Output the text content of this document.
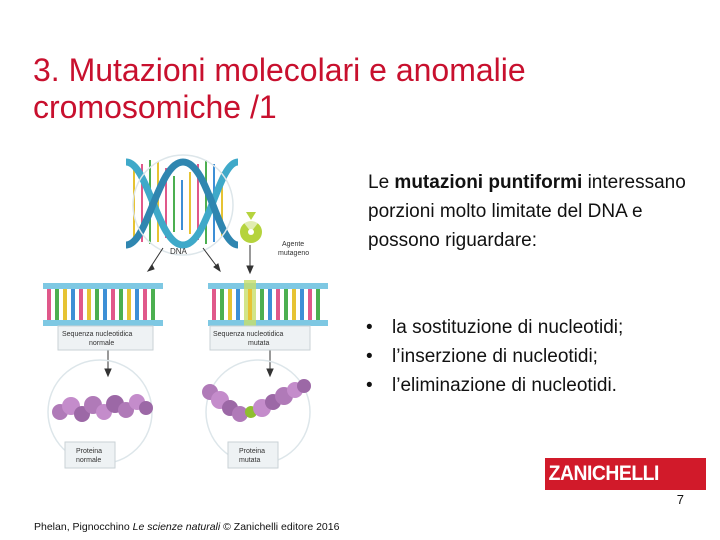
3. Mutazioni molecolari e anomalie cromosomiche /1
DNA
Agente
mutageno
Sequenza nucleotidica
normale
Sequenza nucleotidica
mutata
Proteina
normale
Proteina
mutata
Le mutazioni puntiformi interessano porzioni molto limitate del DNA e possono riguardare:
• la sostituzione di nucleotidi;
• l’inserzione di nucleotidi;
• l’eliminazione di nucleotidi.
ZANICHELLI
7
Phelan, Pignocchino Le scienze naturali © Zanichelli editore 2016
